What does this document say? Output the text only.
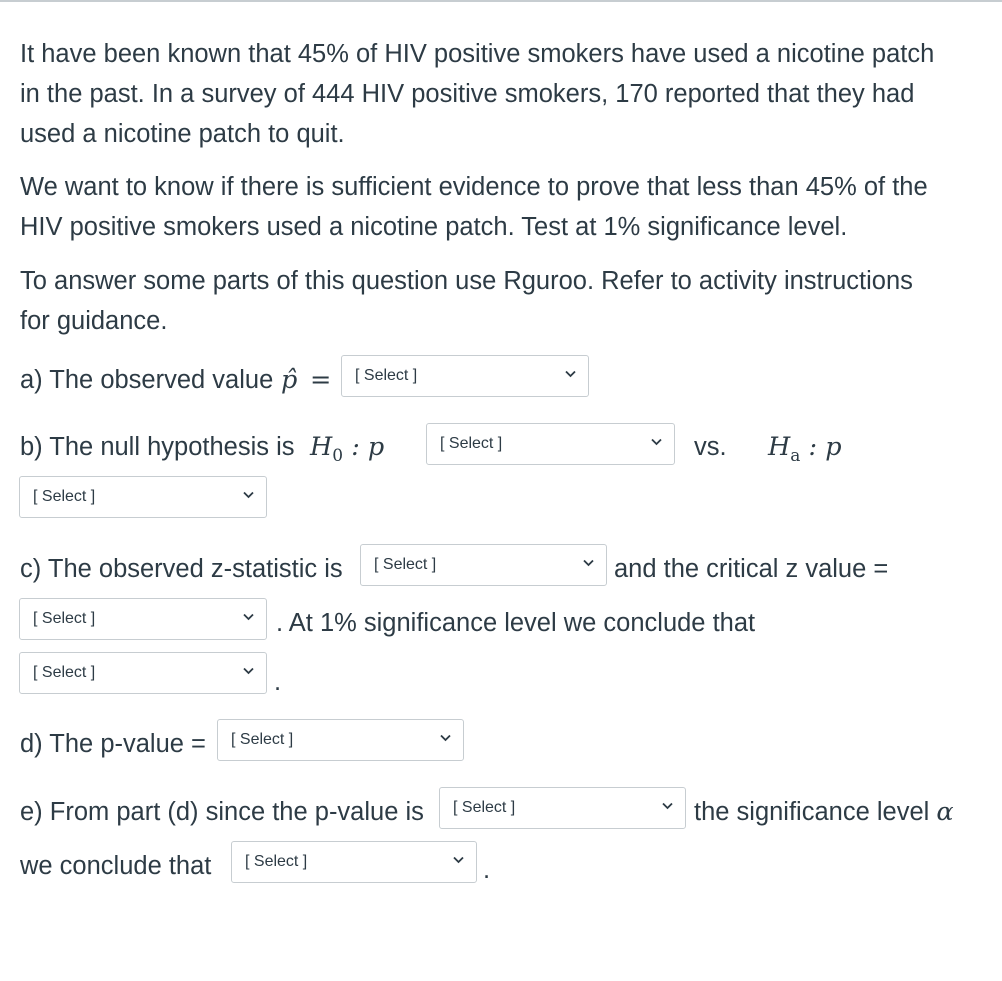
It have been known that 45% of HIV positive smokers have used a nicotine patch
in the past. In a survey of 444 HIV positive smokers, 170 reported that they had
used a nicotine patch to quit.
We want to know if there is sufficient evidence to prove that less than 45% of the
HIV positive smokers used a nicotine patch. Test at 1% significance level.
To answer some parts of this question use Rguroo. Refer to activity instructions
for guidance.
a) The observed value p̂ = [ Select ]
b) The null hypothesis is $H_0$ : p	[ Select ]	vs. $H_a$ : p
[ Select ]
c) The observed z-statistic is [ Select ]	and the critical z value =
[ Select ]	. At 1% significance level we conclude that
[ Select ]	.
d) The p-value = [ Select ]
e) From part (d) since the p-value is [ Select ]	the significance level α
we conclude that [ Select ]	.
